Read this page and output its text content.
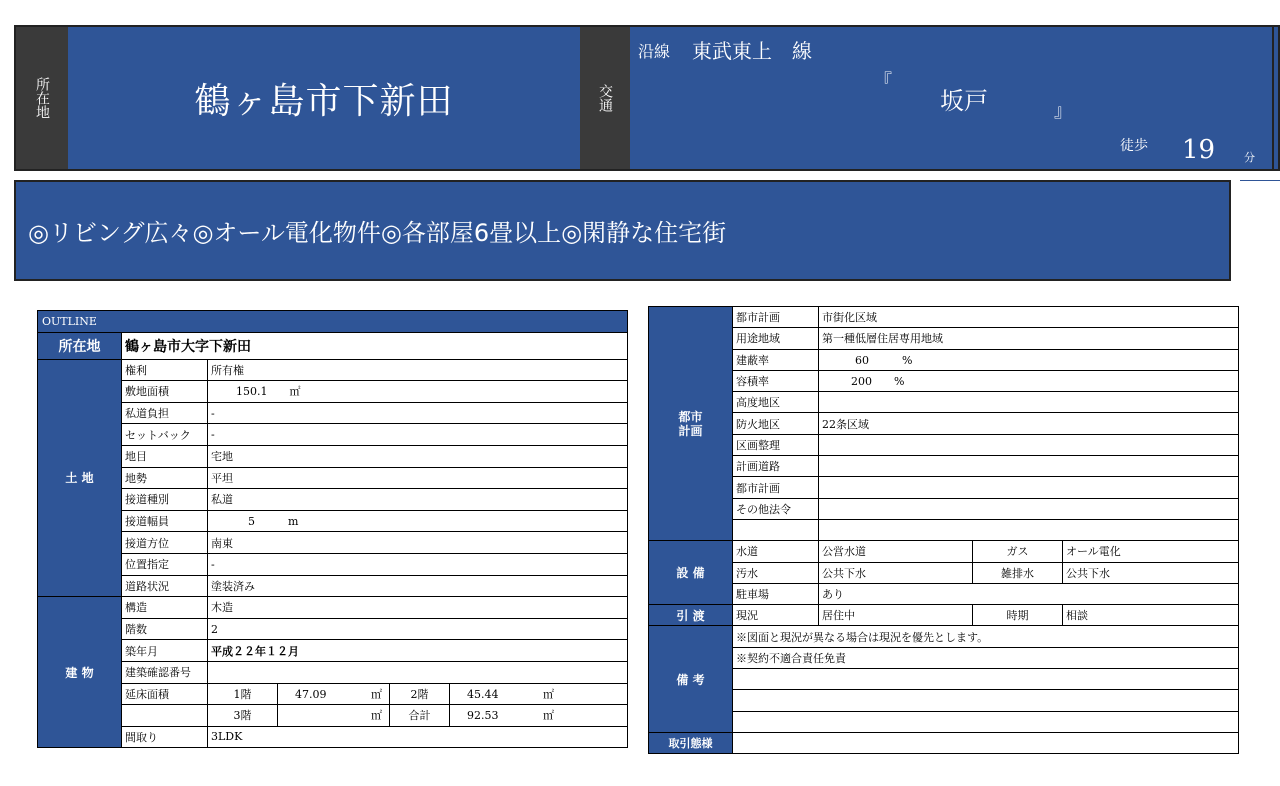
所在地	鶴ヶ島市下新田	交通
沿線 東武東上　線
『
坂戸	』
徒歩 19	分
◎リビング広々◎オール電化物件◎各部屋6畳以上◎閑静な住宅街
OUTLINE					
所在地	鶴ヶ島市大字下新田				
土 地	権利	所有権			
	敷地面積	150.1　　㎡			
	私道負担	-			
	セットバック	-			
	地目	宅地			
	地勢	平坦			
	接道種別	私道			
	接道幅員	5　　　m			
	接道方位	南東			
	位置指定	-			
	道路状況	塗装済み			
建 物	構造	木造			
	階数	2			
	築年月	平成２２年１２月			
	建築確認番号				
	延床面積	1階	47.09 ㎡	2階	45.44 ㎡
		3階	㎡	合計	92.53 ㎡
	間取り	3LDK			
都市
計画	都市計画	市街化区域		
	用途地域	第一種低層住居専用地域		
	建蔽率	60　　　%		
	容積率	200　　%		
	高度地区			
	防火地区	22条区域		
	区画整理			
	計画道路			
	都市計画			
	その他法令			

設 備	水道	公営水道	ガス	オール電化
	汚水	公共下水	雑排水	公共下水
	駐車場	あり		
引 渡	現況	居住中	時期	相談
備 考	※図面と現況が異なる場合は現況を優先とします。			
	※契約不適合責任免責			

取引態様				
